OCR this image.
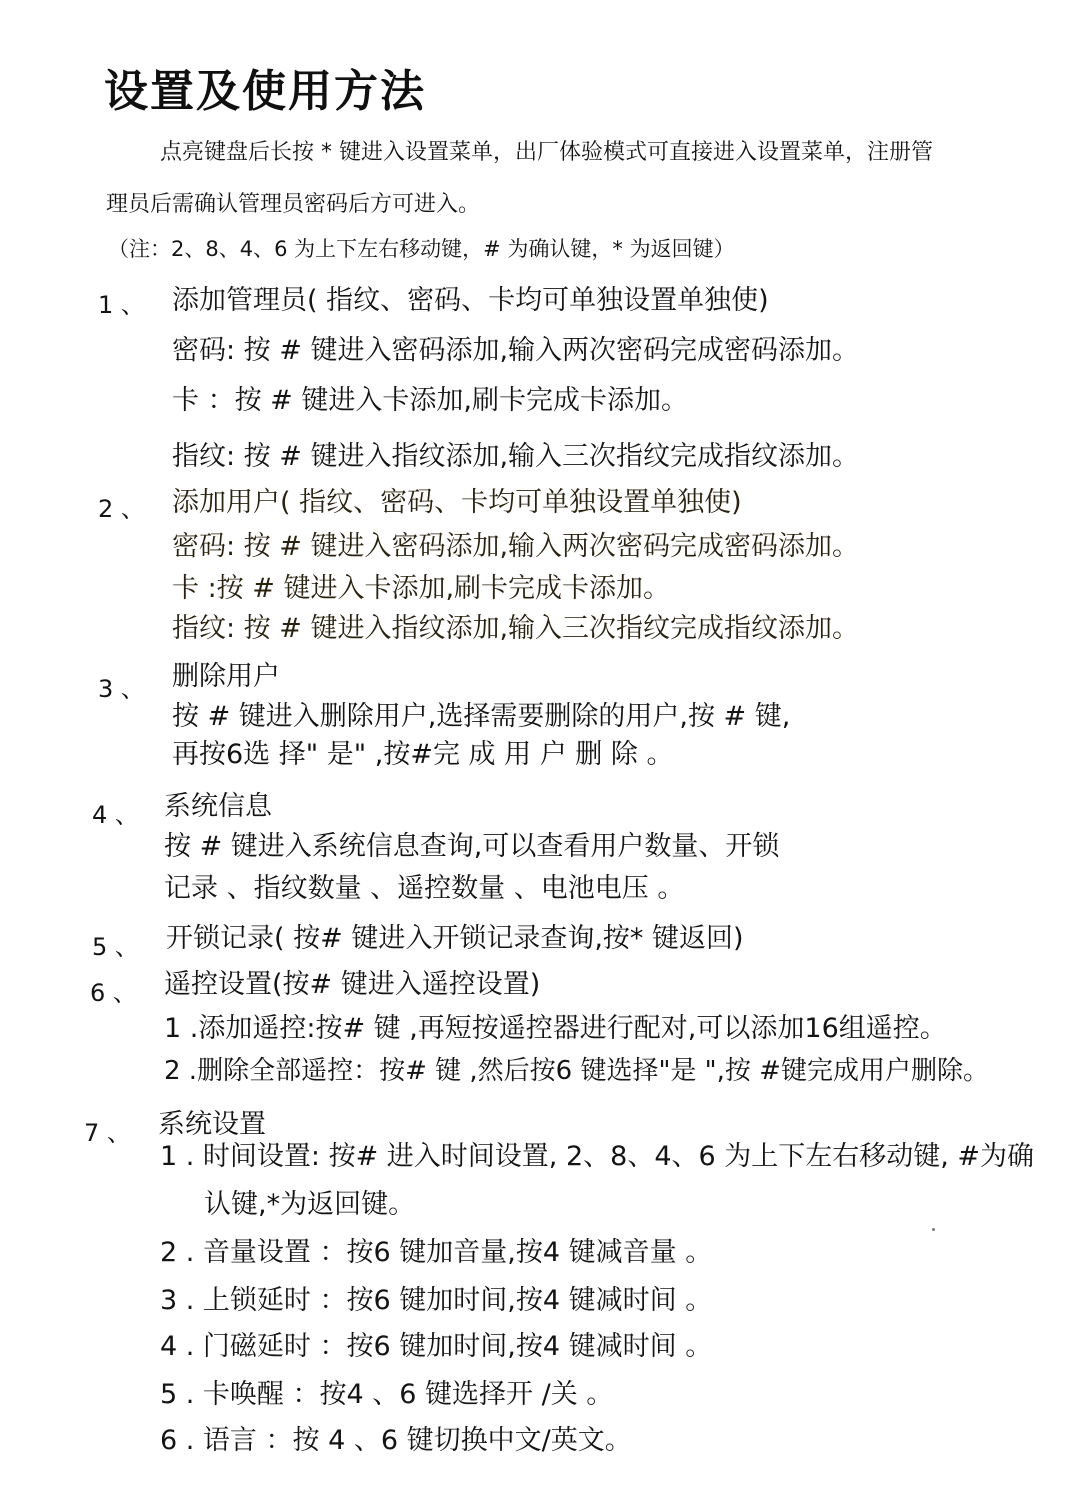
设置及使用方法
点亮键盘后长按 * 键进入设置菜单，出厂体验模式可直接进入设置菜单，注册管
理员后需确认管理员密码后方可进入。
（注：2、8、4、6 为上下左右移动键，# 为确认键，* 为返回键）
1 、 添加管理员( 指纹、密码、卡均可单独设置单独使)
密码: 按 # 键进入密码添加,输入两次密码完成密码添加。
卡 ：按 # 键进入卡添加,刷卡完成卡添加。
指纹: 按 # 键进入指纹添加,输入三次指纹完成指纹添加。
2 、 添加用户( 指纹、密码、卡均可单独设置单独使)
密码: 按 # 键进入密码添加,输入两次密码完成密码添加。
卡 :按 # 键进入卡添加,刷卡完成卡添加。
指纹: 按 # 键进入指纹添加,输入三次指纹完成指纹添加。
3 、 删除用户
按 # 键进入删除用户,选择需要删除的用户,按 # 键,
再按6选 择" 是" ,按#完 成 用 户 删 除 。
4 、 系统信息
按 # 键进入系统信息查询,可以查看用户数量、开锁
记录 、指纹数量 、遥控数量 、电池电压 。
5 、 开锁记录( 按# 键进入开锁记录查询,按* 键返回)
6 、 遥控设置(按# 键进入遥控设置)
1 .添加遥控:按# 键 ,再短按遥控器进行配对,可以添加16组遥控。
2 .删除全部遥控：按# 键 ,然后按6 键选择"是 ",按 #键完成用户删除。
7 、 系统设置
1 . 时间设置: 按# 进入时间设置, 2、8、4、6 为上下左右移动键, #为确
认键,*为返回键。
2 . 音量设置 ：按6 键加音量,按4 键减音量 。
3 . 上锁延时 ：按6 键加时间,按4 键减时间 。
4 . 门磁延时 ：按6 键加时间,按4 键减时间 。
5 . 卡唤醒 ：按4 、6 键选择开 /关 。
6 . 语言 ：按 4 、6 键切换中文/英文。
